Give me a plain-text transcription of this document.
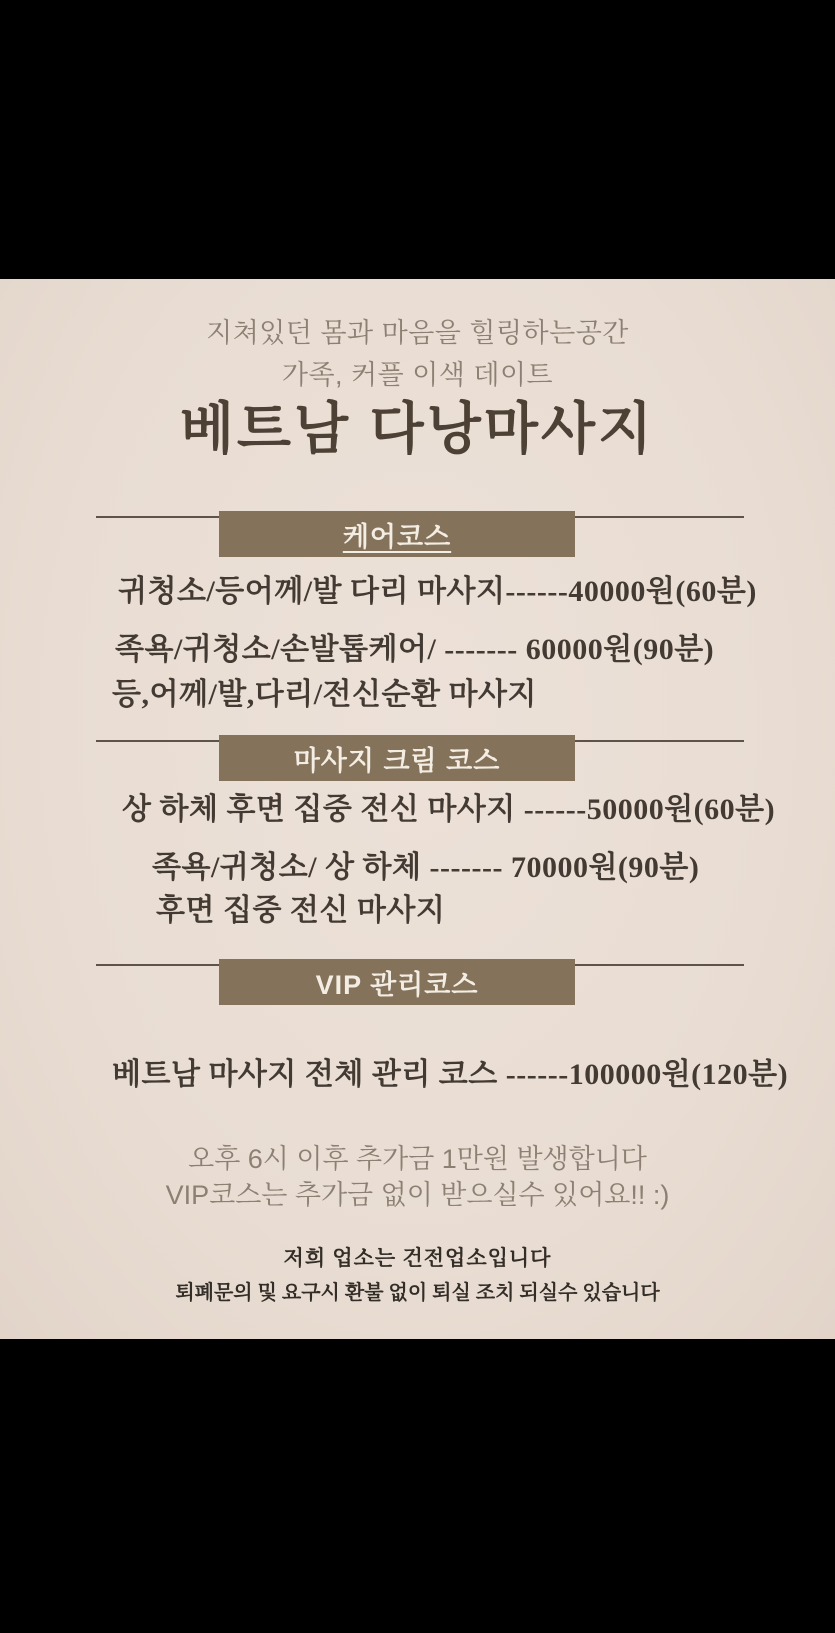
지쳐있던 몸과 마음을 힐링하는공간
가족, 커플 이색 데이트
베트남 다낭마사지
케어코스
귀청소/등어께/발 다리 마사지------40000원(60분)
족욕/귀청소/손발톱케어/ ------- 60000원(90분)
등,어께/발,다리/전신순환 마사지
마사지 크림 코스
상 하체 후면 집중 전신 마사지 ------50000원(60분)
족욕/귀청소/ 상 하체 ------- 70000원(90분)
후면 집중 전신 마사지
VIP 관리코스
베트남 마사지 전체 관리 코스 ------100000원(120분)
오후 6시 이후 추가금 1만원 발생합니다
VIP코스는 추가금 없이 받으실수 있어요!! :)
저희 업소는 건전업소입니다
퇴폐문의 및 요구시 환불 없이 퇴실 조치 되실수 있습니다
